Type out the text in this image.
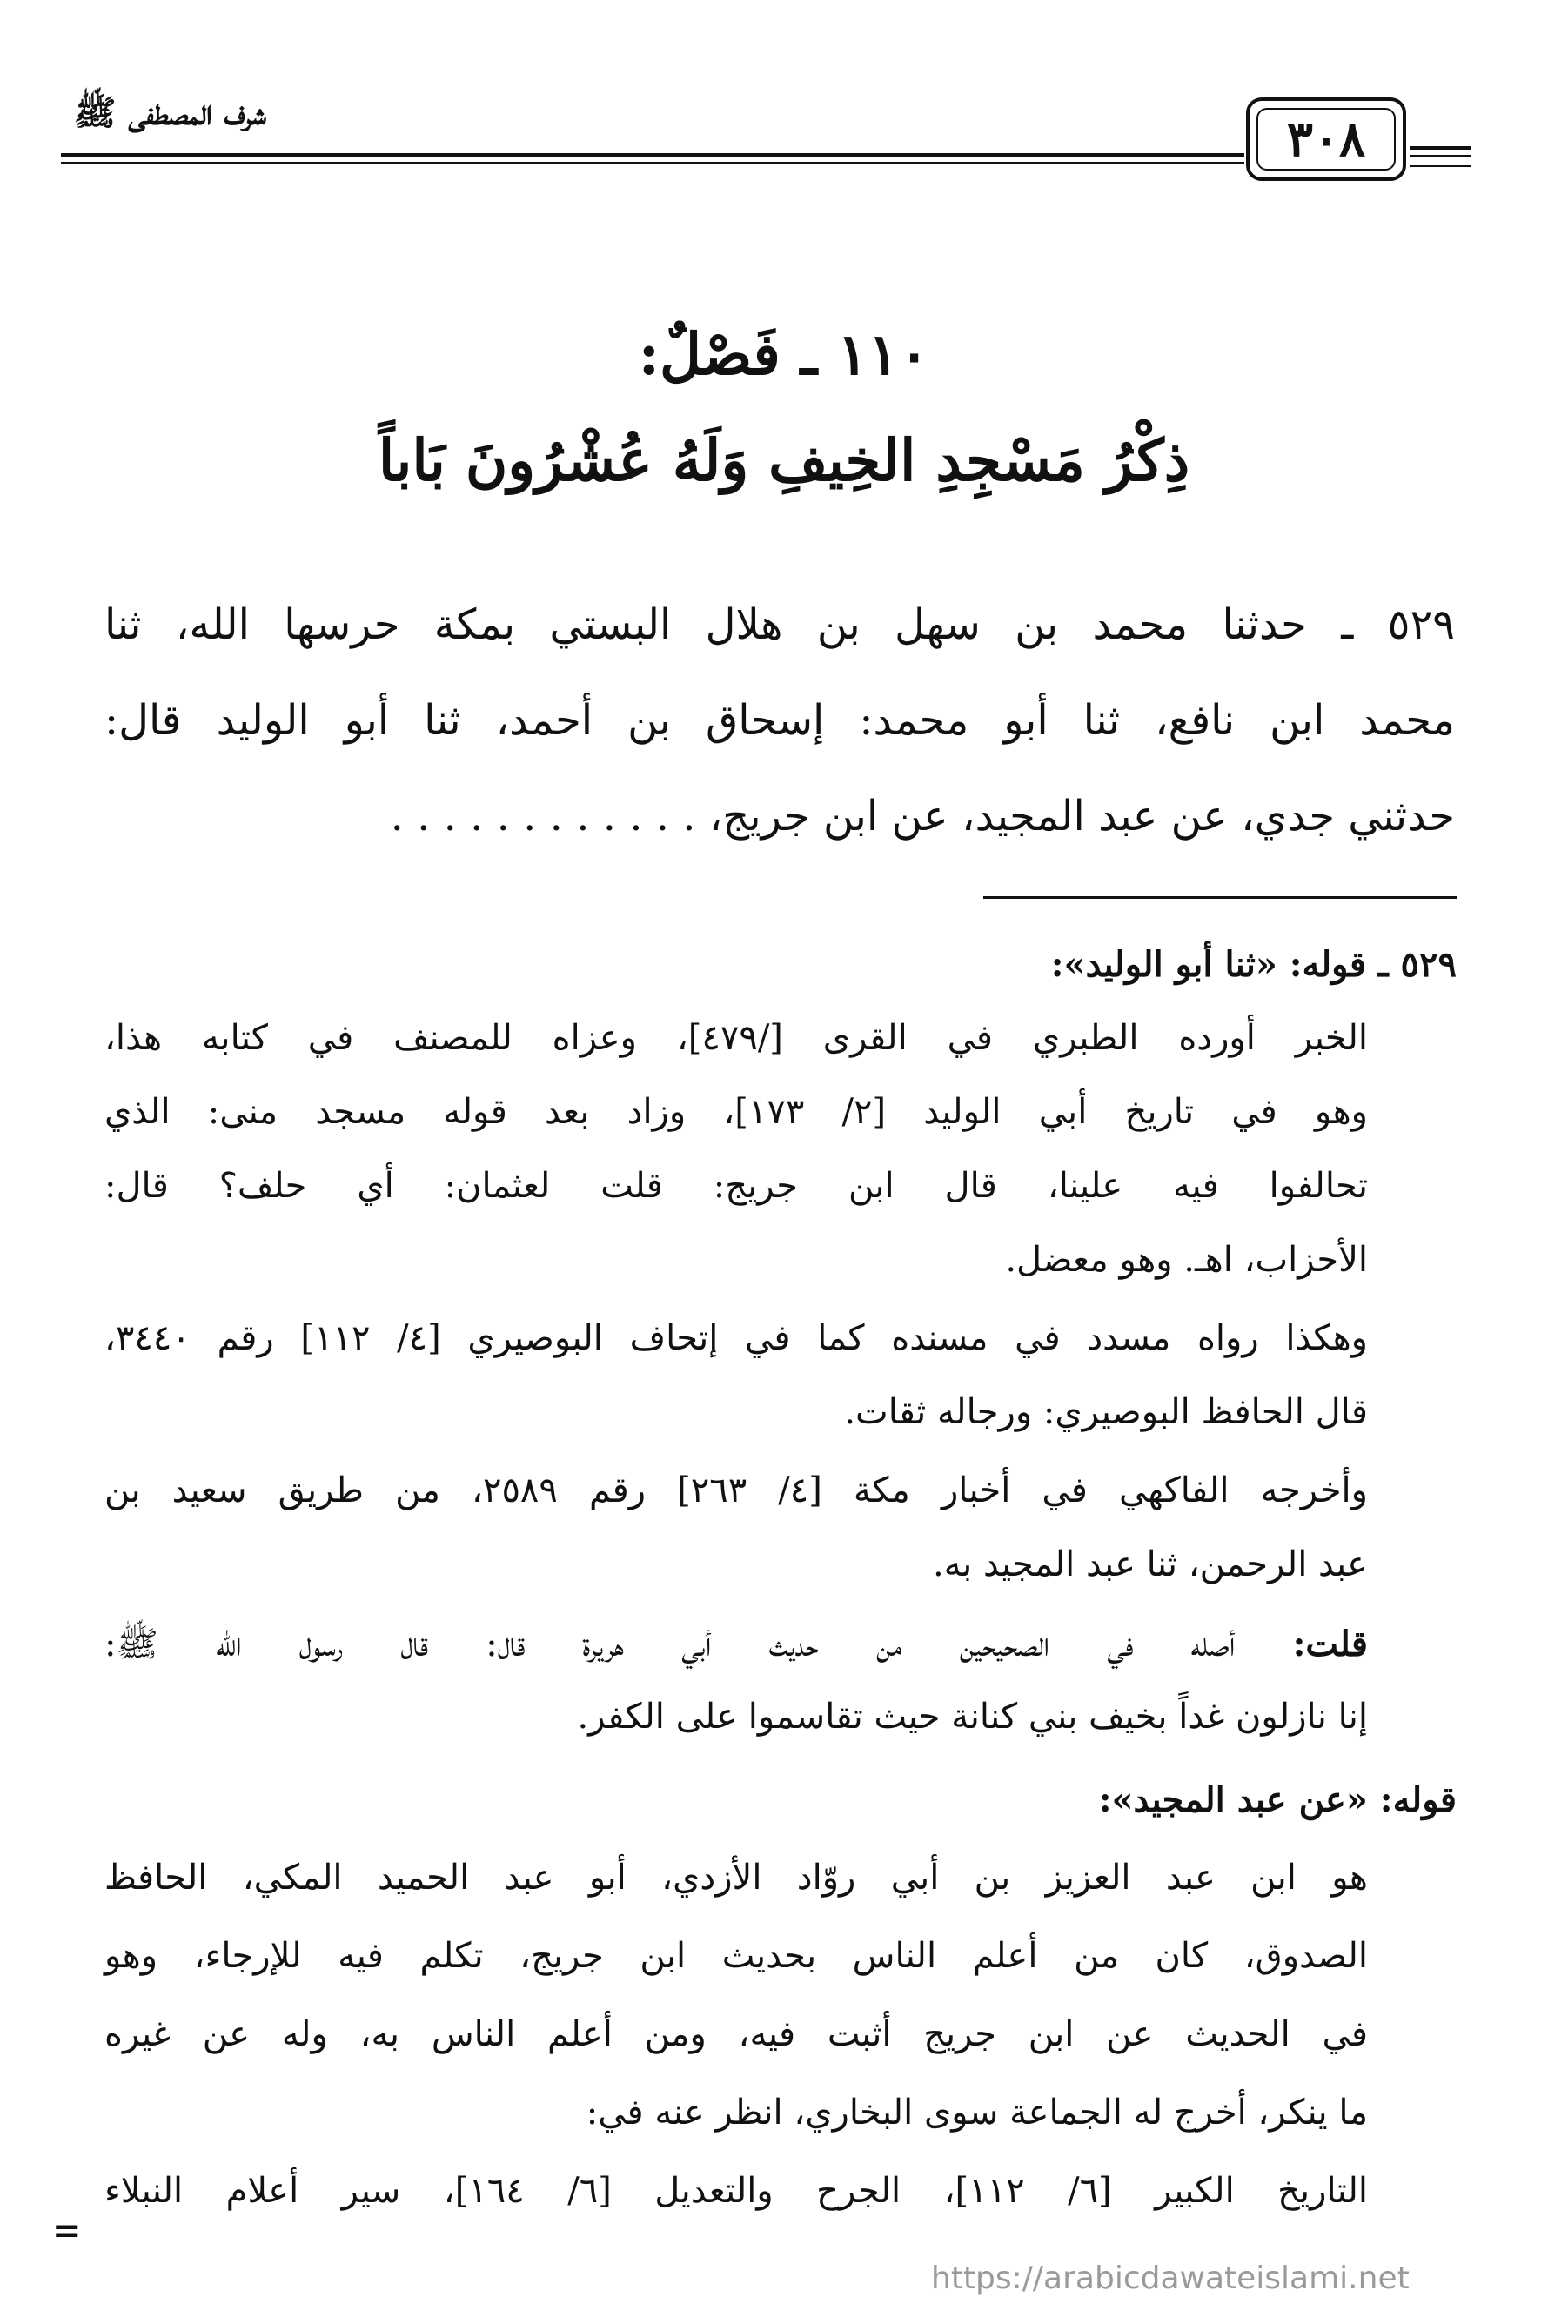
شرف المصطفى ﷺ	٣٠٨
١١٠ ـ فَصْلٌ:
ذِكْرُ مَسْجِدِ الخِيفِ وَلَهُ عُشْرُونَ بَاباً
٥٢٩ ـ حدثنا محمد بن سهل بن هلال البستي بمكة حرسها الله، ثنا
محمد ابن نافع، ثنا أبو محمد: إسحاق بن أحمد، ثنا أبو الوليد قال:
حدثني جدي، عن عبد المجيد، عن ابن جريج، . . . . . . . . . . . .
٥٢٩ ـ قوله: «ثنا أبو الوليد»:
الخبر أورده الطبري في القرى [/٤٧٩]، وعزاه للمصنف في كتابه هذا،
وهو في تاريخ أبي الوليد [٢/ ١٧٣]، وزاد بعد قوله مسجد منى: الذي
تحالفوا فيه علينا، قال ابن جريج: قلت لعثمان: أي حلف؟ قال:
الأحزاب، اهـ. وهو معضل.
وهكذا رواه مسدد في مسنده كما في إتحاف البوصيري [٤/ ١١٢] رقم ٣٤٤٠،
قال الحافظ البوصيري: ورجاله ثقات.
وأخرجه الفاكهي في أخبار مكة [٤/ ٢٦٣] رقم ٢٥٨٩، من طريق سعيد بن
عبد الرحمن، ثنا عبد المجيد به.
قلت: أصله في الصحيحين من حديث أبي هريرة قال: قال رسول الله ﷺ:
إنا نازلون غداً بخيف بني كنانة حيث تقاسموا على الكفر.
قوله: «عن عبد المجيد»:
هو ابن عبد العزيز بن أبي روّاد الأزدي، أبو عبد الحميد المكي، الحافظ
الصدوق، كان من أعلم الناس بحديث ابن جريج، تكلم فيه للإرجاء، وهو
في الحديث عن ابن جريج أثبت فيه، ومن أعلم الناس به، وله عن غيره
ما ينكر، أخرج له الجماعة سوى البخاري، انظر عنه في:
التاريخ الكبير [٦/ ١١٢]، الجرح والتعديل [٦/ ١٦٤]، سير أعلام النبلاء
=
https://arabicdawateislami.net
